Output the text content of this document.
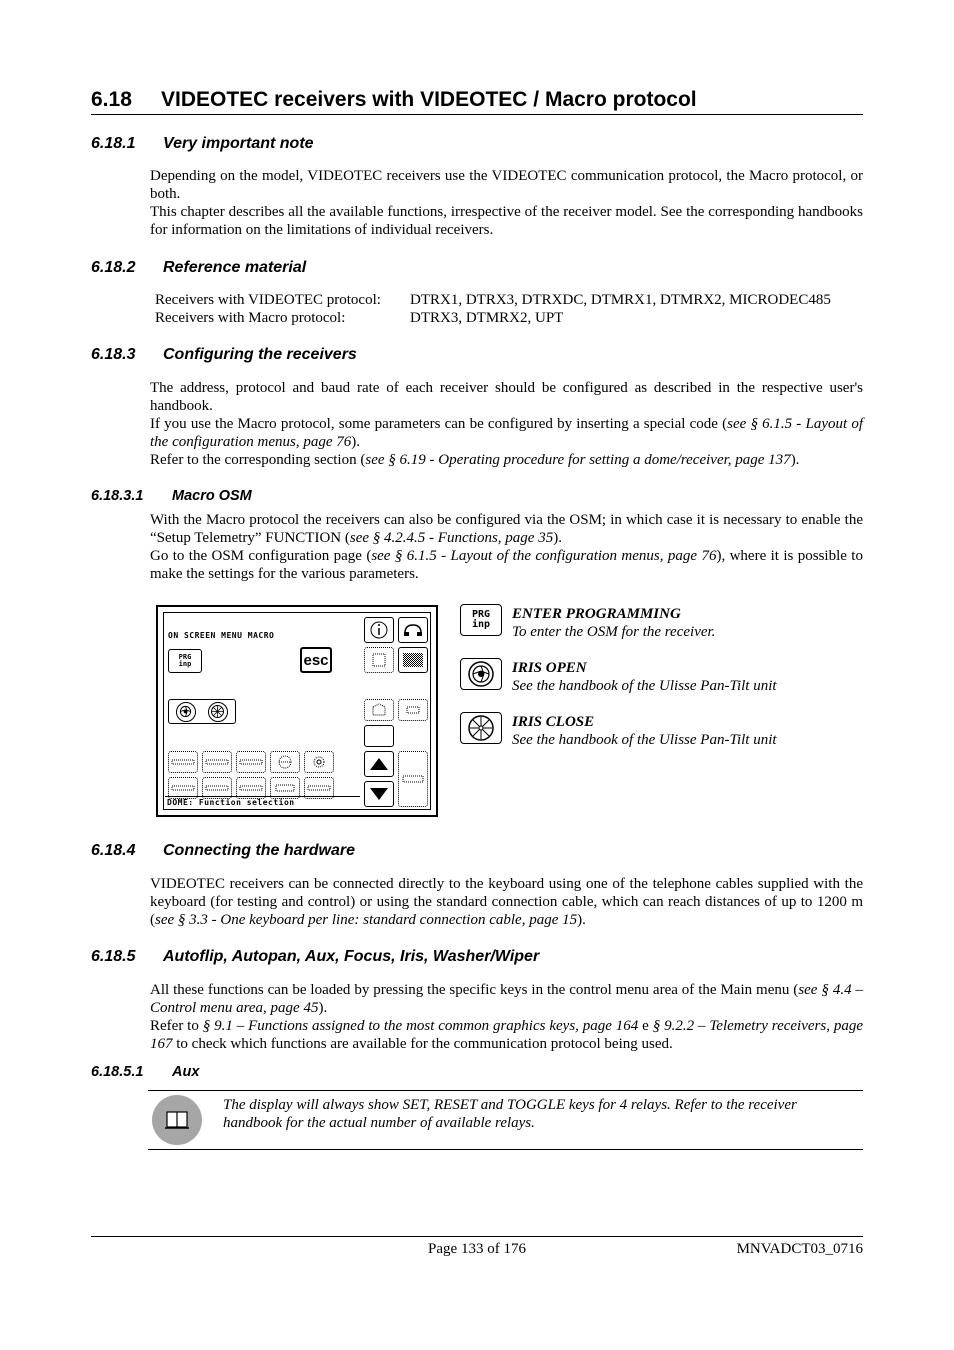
6.18 VIDEOTEC receivers with VIDEOTEC / Macro protocol
6.18.1 Very important note
Depending on the model, VIDEOTEC receivers use the VIDEOTEC communication protocol, the Macro protocol, or both.
This chapter describes all the available functions, irrespective of the receiver model. See the corresponding handbooks for information on the limitations of individual receivers.
6.18.2 Reference material
Receivers with VIDEOTEC protocol:	DTRX1, DTRX3, DTRXDC, DTMRX1, DTMRX2, MICRODEC485
Receivers with Macro protocol:	DTRX3, DTMRX2, UPT
6.18.3 Configuring the receivers
The address, protocol and baud rate of each receiver should be configured as described in the respective user's handbook.
If you use the Macro protocol, some parameters can be configured by inserting a special code (see § 6.1.5 - Layout of the configuration menus, page 76).
Refer to the corresponding section (see § 6.19 - Operating procedure for setting a dome/receiver, page 137).
6.18.3.1 Macro OSM
With the Macro protocol the receivers can also be configured via the OSM; in which case it is necessary to enable the “Setup Telemetry” FUNCTION (see § 4.2.4.5 - Functions, page 35).
Go to the OSM configuration page (see § 6.1.5 - Layout of the configuration menus, page 76), where it is possible to make the settings for the various parameters.
ON SCREEN MENU MACRO
PRG
inp	esc
DOME: Function selection
PRG
inp
ENTER PROGRAMMING
To enter the OSM for the receiver.
IRIS OPEN
See the handbook of the Ulisse Pan-Tilt unit
IRIS CLOSE
See the handbook of the Ulisse Pan-Tilt unit
6.18.4 Connecting the hardware
VIDEOTEC receivers can be connected directly to the keyboard using one of the telephone cables supplied with the keyboard (for testing and control) or using the standard connection cable, which can reach distances of up to 1200 m (see § 3.3 - One keyboard per line: standard connection cable, page 15).
6.18.5 Autoflip, Autopan, Aux, Focus, Iris, Washer/Wiper
All these functions can be loaded by pressing the specific keys in the control menu area of the Main menu (see § 4.4 – Control menu area, page 45).
Refer to § 9.1 – Functions assigned to the most common graphics keys, page 164 e § 9.2.2 – Telemetry receivers, page 167 to check which functions are available for the communication protocol being used.
6.18.5.1 Aux

The display will always show SET, RESET and TOGGLE keys for 4 relays. Refer to the receiver handbook for the actual number of available relays.

Page 133 of 176	MNVADCT03_0716
